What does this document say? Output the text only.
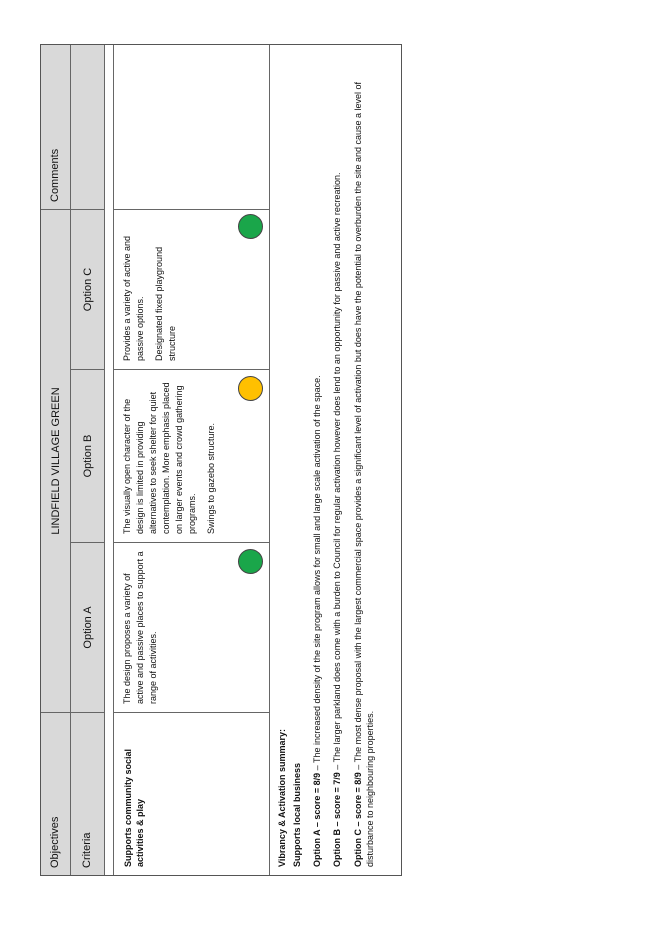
Objectives
LINDFIELD VILLAGE GREEN
Comments
Criteria
Option A
Option B
Option C
Supports community social activities & play
The design proposes a variety of active and passive places to support a range of activities.

The visually open character of the design is limited in providing alternatives to seek shelter for quiet contemplation. More emphasis placed on larger events and crowd gathering programs. Swings to gazebo structure.

Provides a variety of active and passive options. Designated fixed playground structure

Vibrancy & Activation summary: Supports local business Option A – score = 8/9 – The increased density of the site program allows for small and large scale activation of the space.

Option B – score = 7/9 – The larger parkland does come with a burden to Council for regular activation however does lend to an opportunity for passive and active recreation.

Option C – score = 8/9 – The most dense proposal with the largest commercial space provides a significant level of activation but does have the potential to overburden the site and cause a level of disturbance to neighbouring properties.
